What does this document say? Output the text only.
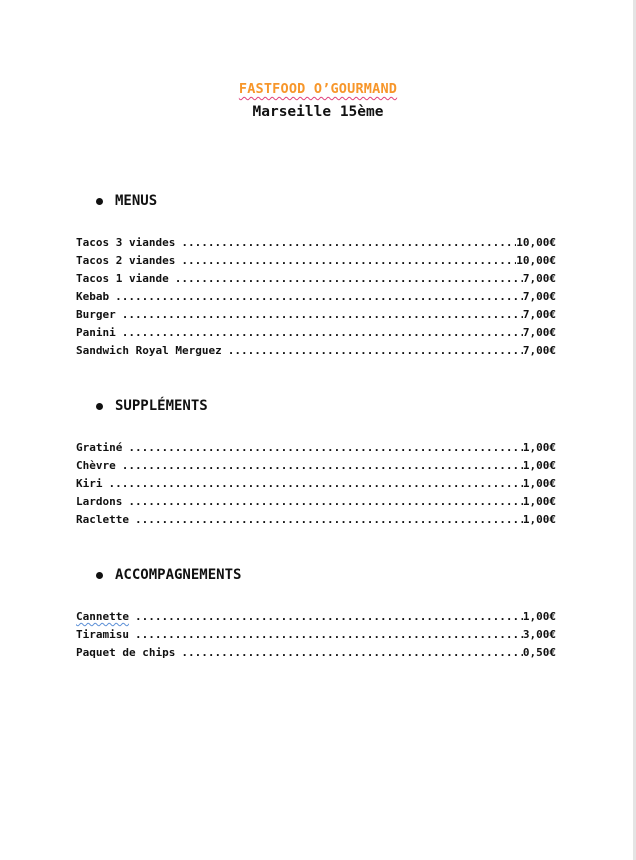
FASTFOOD O’GOURMAND
Marseille 15ème
MENUS
Tacos 3 viandes .....	10,00€
Tacos 2 viandes .....	10,00€
Tacos 1 viande .....	7,00€
Kebab .....	7,00€
Burger .....	7,00€
Panini .....	7,00€
Sandwich Royal Merguez .....	7,00€
SUPPLÉMENTS
Gratiné .....	1,00€
Chèvre .....	1,00€
Kiri .....	1,00€
Lardons .....	1,00€
Raclette .....	1,00€
ACCOMPAGNEMENTS
Cannette .....	1,00€
Tiramisu .....	3,00€
Paquet de chips .....	0,50€
